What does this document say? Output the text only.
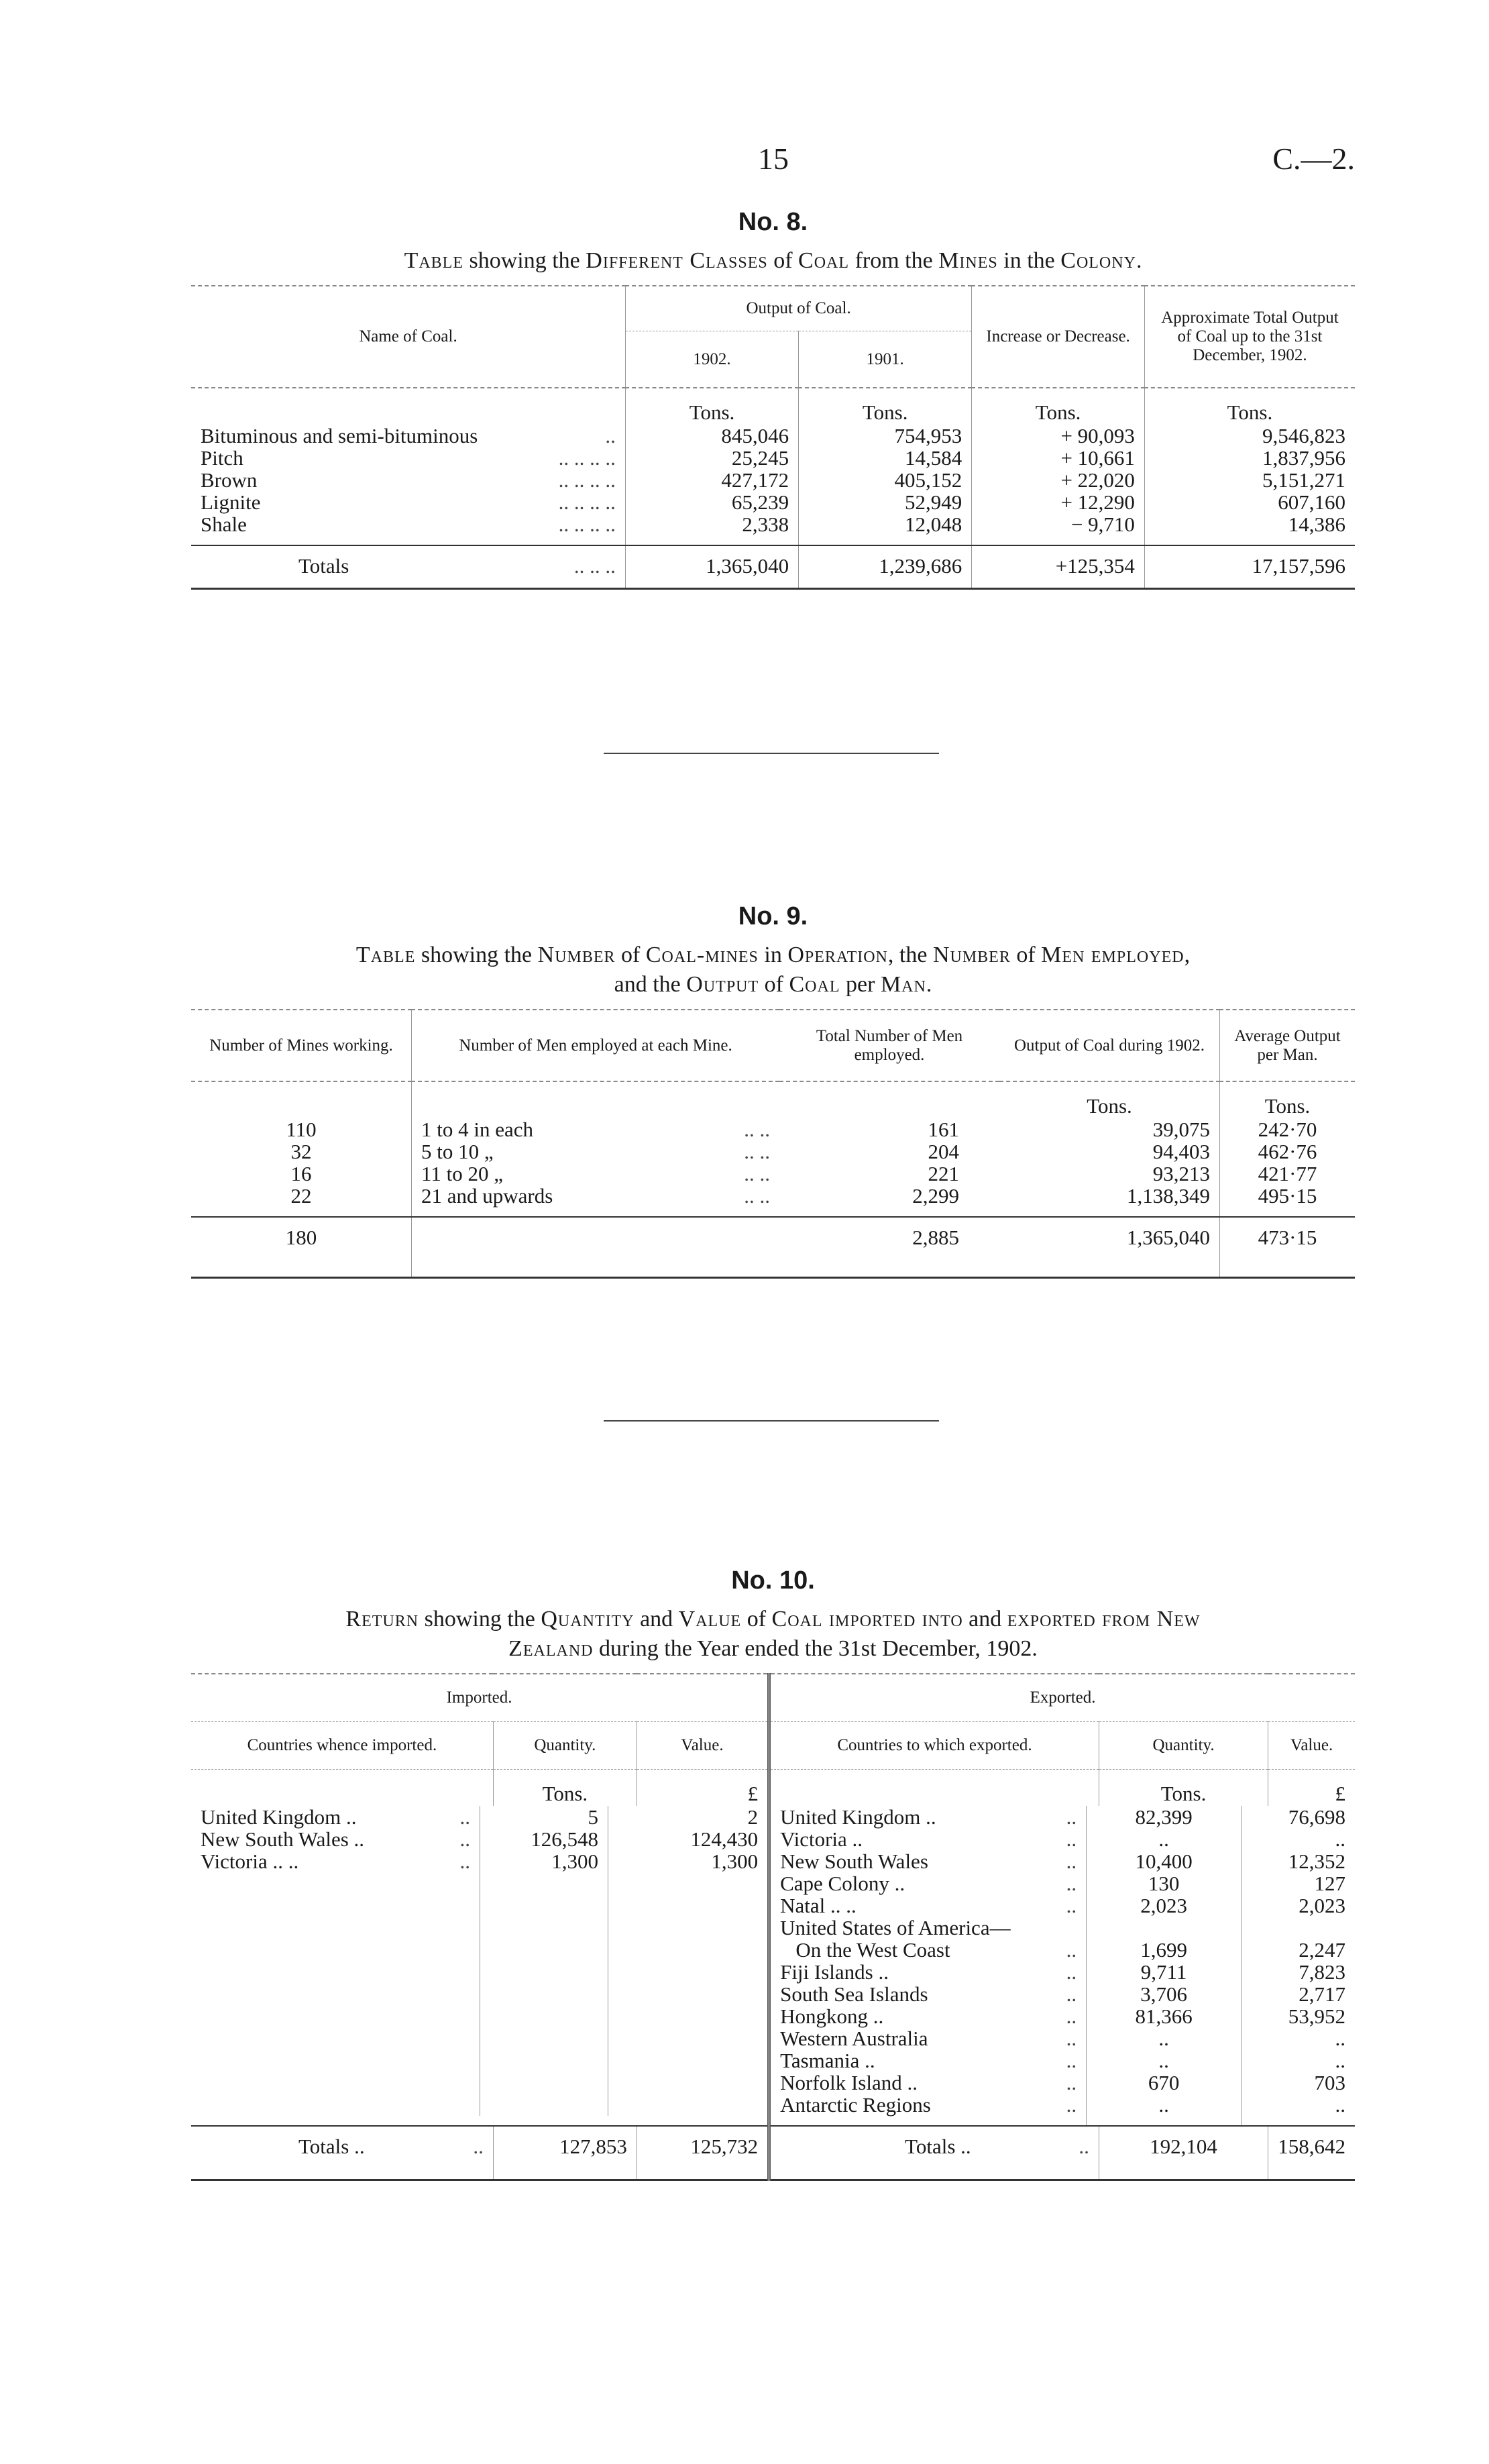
15	C.—2.
No. 8.
Table showing the Different Classes of Coal from the Mines in the Colony.
Name of Coal.	Output of Coal.		Increase or Decrease.	Approximate Total Output of Coal up to the 31st December, 1902.
	1902.	1901.		
	Tons.	Tons.	Tons.	Tons.
Bituminous and semi-bituminous ..	845,046	754,953	+ 90,093	9,546,823
Pitch .. .. .. ..	25,245	14,584	+ 10,661	1,837,956
Brown .. .. .. ..	427,172	405,152	+ 22,020	5,151,271
Lignite .. .. .. ..	65,239	52,949	+ 12,290	607,160
Shale .. .. .. ..	2,338	12,048	− 9,710	14,386
Totals .. .. ..	1,365,040	1,239,686	+125,354	17,157,596
No. 9.
Table showing the Number of Coal-mines in Operation, the Number of Men employed,
and the Output of Coal per Man.
Number of Mines working.	Number of Men employed at each Mine.	Total Number of Men employed.	Output of Coal during 1902.	Average Output per Man.
			Tons.	Tons.
110	1 to 4 in each .. ..	161	39,075	242·70
32	5 to 10 „ .. ..	204	94,403	462·76
16	11 to 20 „ .. ..	221	93,213	421·77
22	21 and upwards .. ..	2,299	1,138,349	495·15
180		2,885	1,365,040	473·15
No. 10.
Return showing the Quantity and Value of Coal imported into and exported from New
Zealand during the Year ended the 31st December, 1902.
Imported.	Exported.
Countries whence imported.	Quantity.	Value.	Countries to which exported.	Quantity.	Value.
	Tons.	£		Tons.	£

United Kingdom ..	..	5	2
New South Wales ..	..	126,548	124,430
Victoria .. ..	..	1,300	1,300

United Kingdom ..	..	82,399	76,698
Victoria ..	..	..	..
New South Wales	..	10,400	12,352
Cape Colony ..	..	130	127
Natal .. ..	..	2,023	2,023
United States of America—

On the West Coast	..	1,699	2,247
Fiji Islands ..	..	9,711	7,823
South Sea Islands	..	3,706	2,717
Hongkong ..	..	81,366	53,952
Western Australia	..	..	..
Tasmania ..	..	..	..
Norfolk Island ..	..	670	703
Antarctic Regions	..	..	..

Totals ..	..	127,853	125,732	Totals ..	..	192,104	158,642
